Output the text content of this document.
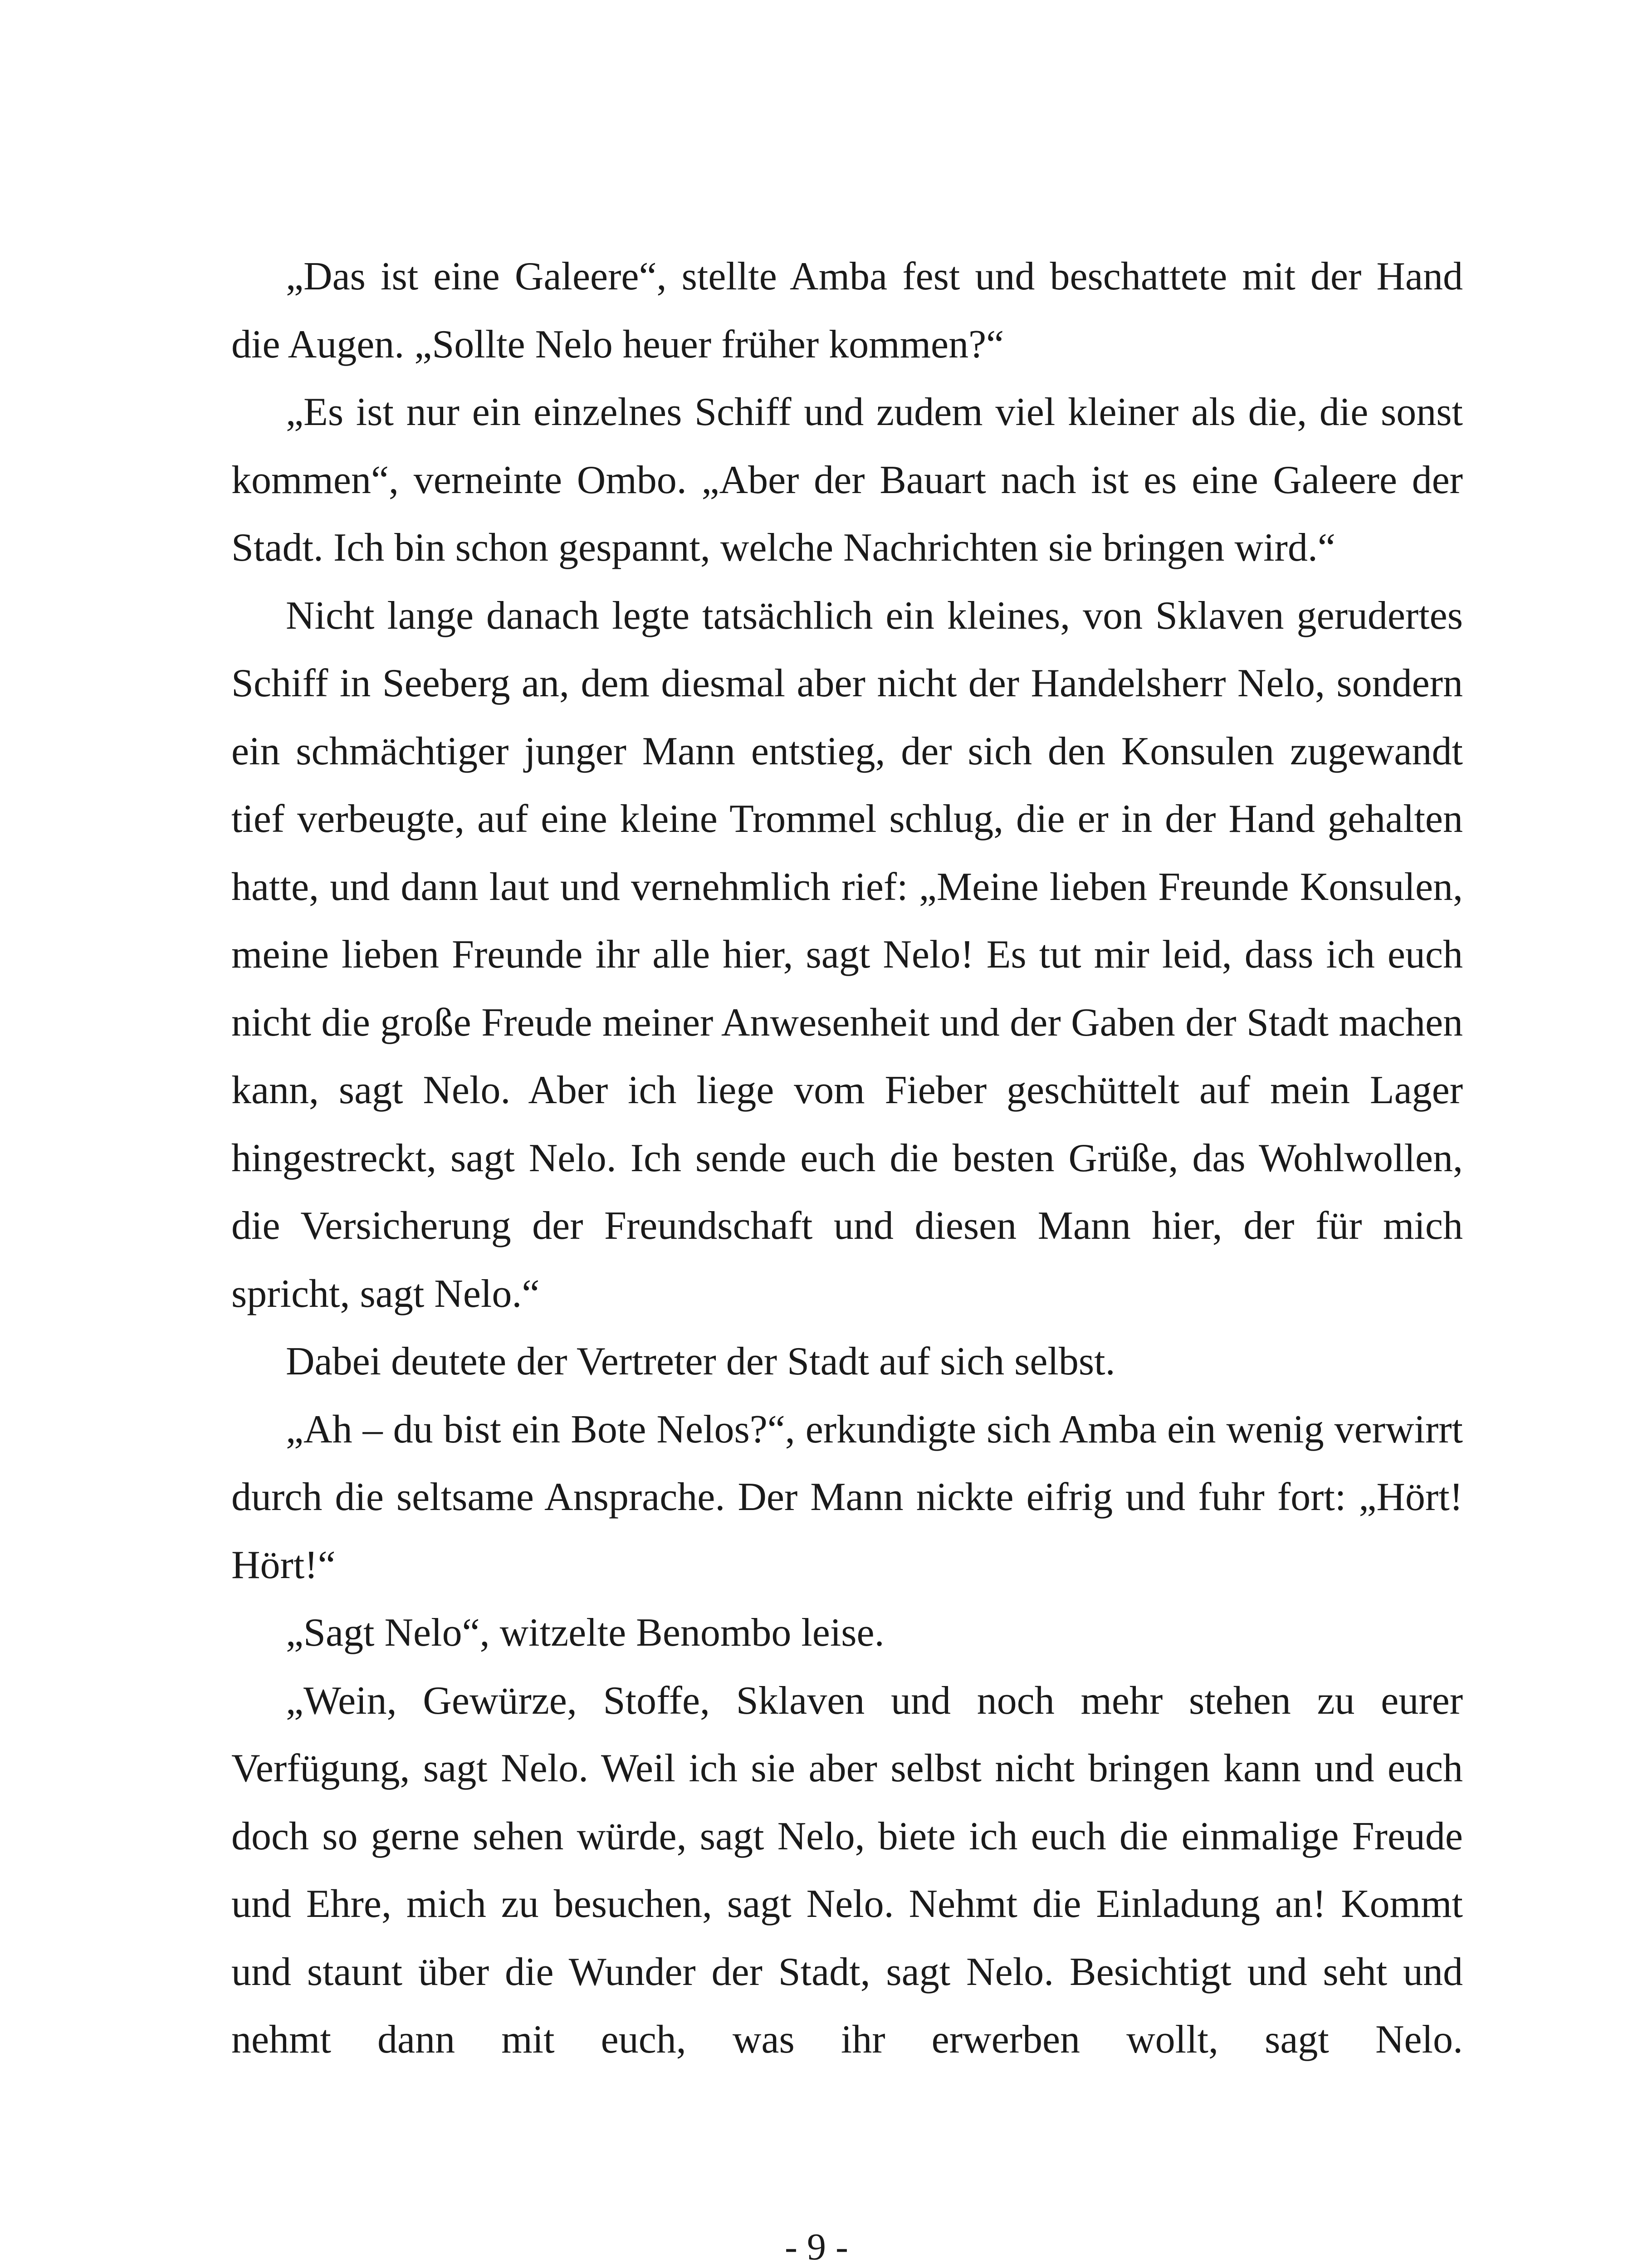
„Das ist eine Galeere“, stellte Amba fest und beschattete mit der Hand die Augen. „Sollte Nelo heuer früher kommen?“

„Es ist nur ein einzelnes Schiff und zudem viel kleiner als die, die sonst kommen“, verneinte Ombo. „Aber der Bauart nach ist es eine Galeere der Stadt. Ich bin schon gespannt, welche Nachrichten sie bringen wird.“

Nicht lange danach legte tatsächlich ein kleines, von Sklaven gerudertes Schiff in Seeberg an, dem diesmal aber nicht der Handelsherr Nelo, sondern ein schmächtiger junger Mann entstieg, der sich den Konsulen zugewandt tief verbeugte, auf eine kleine Trommel schlug, die er in der Hand gehalten hatte, und dann laut und vernehmlich rief: „Meine lieben Freunde Konsulen, meine lieben Freunde ihr alle hier, sagt Nelo! Es tut mir leid, dass ich euch nicht die große Freude meiner Anwesenheit und der Gaben der Stadt machen kann, sagt Nelo. Aber ich liege vom Fieber geschüttelt auf mein Lager hingestreckt, sagt Nelo. Ich sende euch die besten Grüße, das Wohlwollen, die Versicherung der Freundschaft und diesen Mann hier, der für mich spricht, sagt Nelo.“

Dabei deutete der Vertreter der Stadt auf sich selbst.

„Ah – du bist ein Bote Nelos?“, erkundigte sich Amba ein wenig verwirrt durch die seltsame Ansprache. Der Mann nickte eifrig und fuhr fort: „Hört! Hört!“

„Sagt Nelo“, witzelte Benombo leise.

„Wein, Gewürze, Stoffe, Sklaven und noch mehr stehen zu eurer Verfügung, sagt Nelo. Weil ich sie aber selbst nicht bringen kann und euch doch so gerne sehen würde, sagt Nelo, biete ich euch die einmalige Freude und Ehre, mich zu besuchen, sagt Nelo. Nehmt die Einladung an! Kommt und staunt über die Wunder der Stadt, sagt Nelo. Besichtigt und seht und nehmt dann mit euch, was ihr erwerben wollt, sagt Nelo.

- 9 -
